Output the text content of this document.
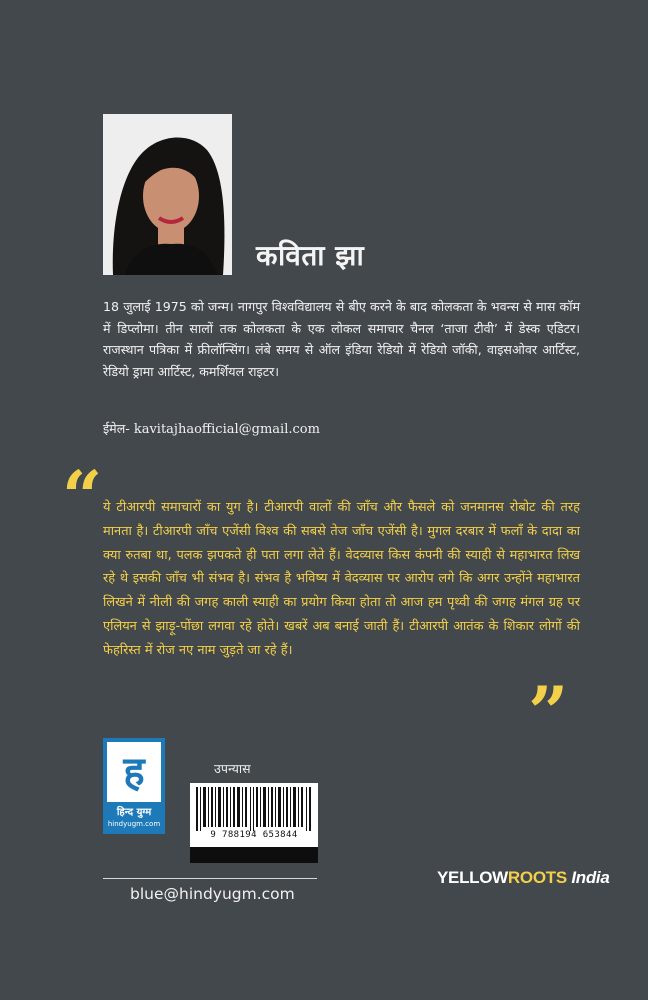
कविता झा
18 जुलाई 1975 को जन्म। नागपुर विश्वविद्यालय से बीए करने के बाद कोलकता के भवन्स से मास कॉम में डिप्लोमा। तीन सालों तक कोलकता के एक लोकल समाचार चैनल ‘ताजा टीवी’ में डेस्क एडिटर। राजस्थान पत्रिका में फ्रीलॉन्सिंग। लंबे समय से ऑल इंडिया रेडियो में रेडियो जॉकी, वाइसओवर आर्टिस्ट, रेडियो ड्रामा आर्टिस्ट, कमर्शियल राइटर।
ईमेल- kavitajhaofficial@gmail.com
“ ये टीआरपी समाचारों का युग है। टीआरपी वालों की जाँच और फैसले को जनमानस रोबोट की तरह मानता है। टीआरपी जाँच एजेंसी विश्व की सबसे तेज जाँच एजेंसी है। मुगल दरबार में फलाँ के दादा का क्या रुतबा था, पलक झपकते ही पता लगा लेते हैं। वेदव्यास किस कंपनी की स्याही से महाभारत लिख रहे थे इसकी जाँच भी संभव है। संभव है भविष्य में वेदव्यास पर आरोप लगे कि अगर उन्होंने महाभारत लिखने में नीली की जगह काली स्याही का प्रयोग किया होता तो आज हम पृथ्वी की जगह मंगल ग्रह पर एलियन से झाड़ू-पोंछा लगवा रहे होते। खबरें अब बनाई जाती हैं। टीआरपी आतंक के शिकार लोगों की फेहरिस्त में रोज नए नाम जुड़ते जा रहे हैं।
”
ह
हिन्द युग्म
hindyugm.com
उपन्यास
9 788194 653844
YELLOWROOTS India
blue@hindyugm.com
